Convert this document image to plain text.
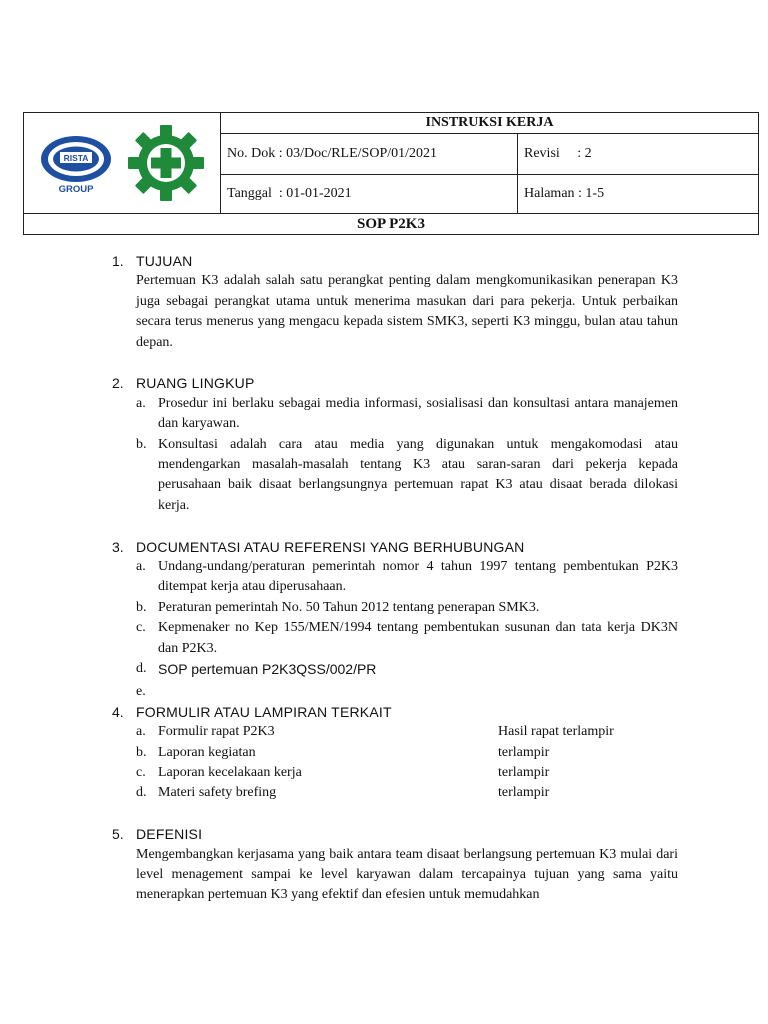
RISTA
GROUP	INSTRUKSI KERJA	
	No. Dok : 03/Doc/RLE/SOP/01/2021	Revisi     : 2
	Tanggal  : 01-01-2021	Halaman : 1-5
SOP P2K3		
1. TUJUAN
Pertemuan K3 adalah salah satu perangkat penting dalam mengkomunikasikan penerapan K3 juga sebagai perangkat utama untuk menerima masukan dari para pekerja. Untuk perbaikan secara terus menerus yang mengacu kepada sistem SMK3, seperti K3 minggu, bulan atau tahun depan.
2. RUANG LINGKUP
a. Prosedur ini berlaku sebagai media informasi, sosialisasi dan konsultasi antara manajemen dan karyawan.
b. Konsultasi adalah cara atau media yang digunakan untuk mengakomodasi atau mendengarkan masalah-masalah tentang K3 atau saran-saran dari pekerja kepada perusahaan baik disaat berlangsungnya pertemuan rapat K3 atau disaat berada dilokasi kerja.
3. DOCUMENTASI ATAU REFERENSI YANG BERHUBUNGAN
a. Undang-undang/peraturan pemerintah nomor 4 tahun 1997 tentang pembentukan P2K3 ditempat kerja atau diperusahaan.
b. Peraturan pemerintah No. 50 Tahun 2012 tentang penerapan SMK3.
c. Kepmenaker no Kep 155/MEN/1994 tentang pembentukan susunan dan tata kerja DK3N dan P2K3.
d. SOP pertemuan P2K3QSS/002/PR
e.
4. FORMULIR ATAU LAMPIRAN TERKAIT
a. Formulir rapat P2K3	Hasil rapat terlampir
b. Laporan kegiatan	terlampir
c. Laporan kecelakaan kerja	terlampir
d. Materi safety brefing	terlampir
5. DEFENISI
Mengembangkan kerjasama yang baik antara team disaat berlangsung pertemuan K3 mulai dari level menagement sampai ke level karyawan dalam tercapainya tujuan yang sama yaitu menerapkan pertemuan K3 yang efektif dan efesien untuk memudahkan
